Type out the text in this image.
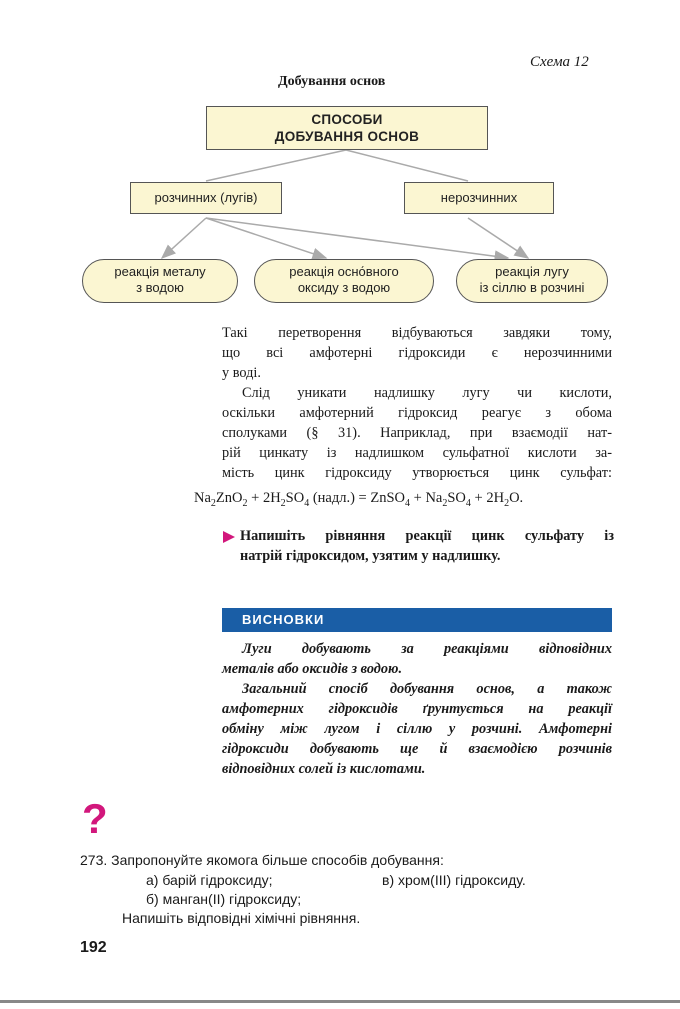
Схема 12
Добування основ
СПОСОБИ
ДОБУВАННЯ ОСНОВ
розчинних (лугів)	нерозчинних
реакція металу
з водою
реакція осно́вного
оксиду з водою
реакція лугу
із сіллю в розчині
Такі перетворення відбуваються завдяки тому,
що всі амфотерні гідроксиди є нерозчинними
у воді.
Слід уникати надлишку лугу чи кислоти,
оскільки амфотерний гідроксид реагує з обома
сполуками (§ 31). Наприклад, при взаємодії нат-
рій цинкату із надлишком сульфатної кислоти за-
мість цинк гідроксиду утворюється цинк сульфат:
$Na_2ZnO_2 + 2H_2SO_4$ (надл.) = ZnSO$_4$ + $Na_2SO_4 + 2H_2O$.
Напишіть рівняння реакції цинк сульфату із
натрій гідроксидом, узятим у надлишку.
ВИСНОВКИ
Луги добувають за реакціями відповідних
металів або оксидів з водою.
Загальний спосіб добування основ, а також
амфотерних гідроксидів ґрунтується на реакції
обміну між лугом і сіллю у розчині. Амфотерні
гідроксиди добувають ще й взаємодією розчинів
відповідних солей із кислотами.
?
273. Запропонуйте якомога більше способів добування:
а) барій гідроксиду;	в) хром(III) гідроксиду.
б) манган(II) гідроксиду;
Напишіть відповідні хімічні рівняння.
192
